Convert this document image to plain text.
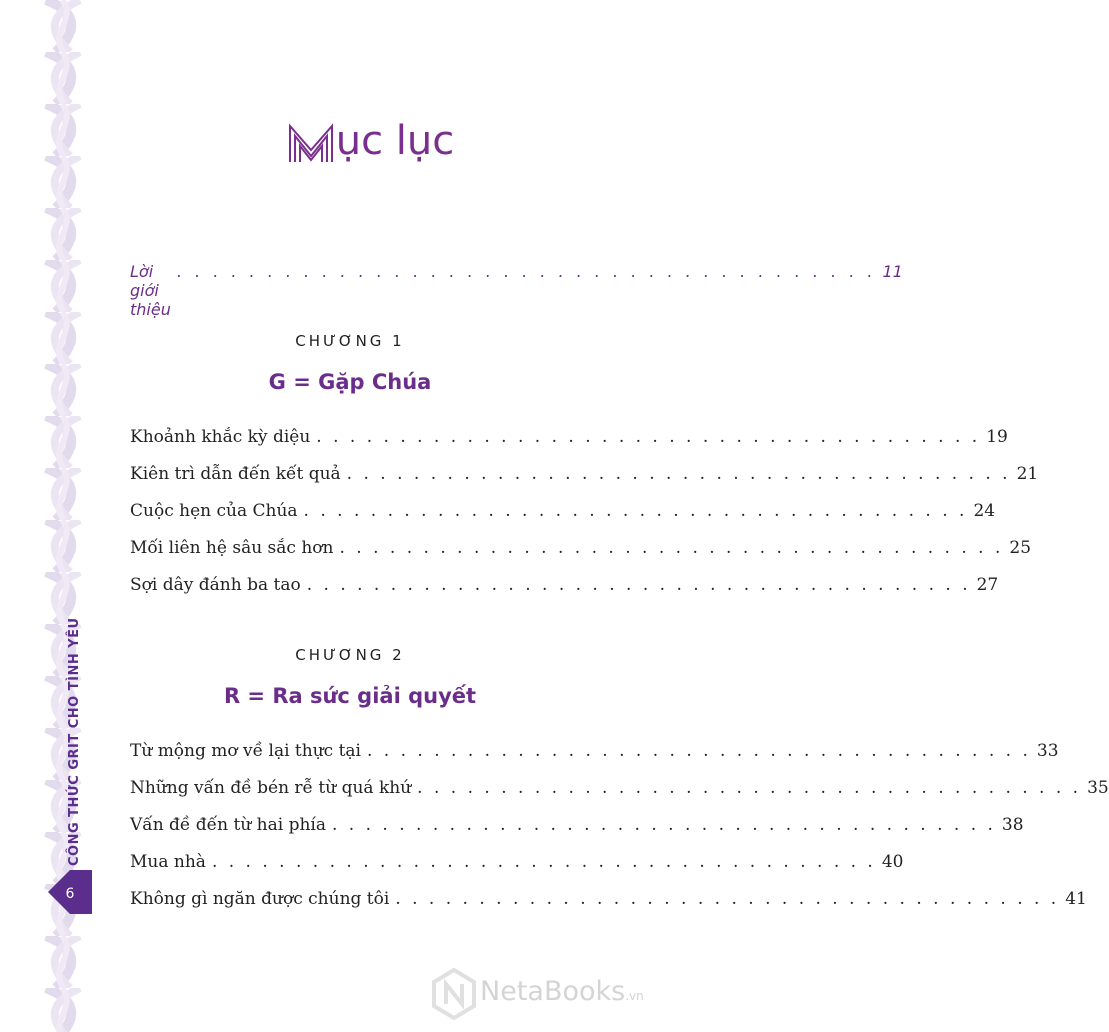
CÔNG THỨC GRIT CHO TÌNH YÊU
6
ục lục
Lời giới thiệu
. . . . . . . . . . . . . . . . . . . . . . . . . . . . . . . . . . . . . . . 11
CHƯƠNG 1
G = Gặp Chúa
Khoảnh khắc kỳ diệu . . . . . . . . . . . . . . . . . . . . . . . . . . . . . . . . . . . . . . . . 19
Kiên trì dẫn đến kết quả . . . . . . . . . . . . . . . . . . . . . . . . . . . . . . . . . . . . . . . . 21
Cuộc hẹn của Chúa . . . . . . . . . . . . . . . . . . . . . . . . . . . . . . . . . . . . . . . . 24
Mối liên hệ sâu sắc hơn . . . . . . . . . . . . . . . . . . . . . . . . . . . . . . . . . . . . . . . . 25
Sợi dây đánh ba tao . . . . . . . . . . . . . . . . . . . . . . . . . . . . . . . . . . . . . . . . 27
CHƯƠNG 2
R = Ra sức giải quyết
Từ mộng mơ về lại thực tại . . . . . . . . . . . . . . . . . . . . . . . . . . . . . . . . . . . . . . . . 33
Những vấn đề bén rễ từ quá khứ . . . . . . . . . . . . . . . . . . . . . . . . . . . . . . . . . . . . . . . . 35
Vấn đề đến từ hai phía . . . . . . . . . . . . . . . . . . . . . . . . . . . . . . . . . . . . . . . . 38
Mua nhà . . . . . . . . . . . . . . . . . . . . . . . . . . . . . . . . . . . . . . . . 40
Không gì ngăn được chúng tôi . . . . . . . . . . . . . . . . . . . . . . . . . . . . . . . . . . . . . . . . 41
NetaBooks.vn
